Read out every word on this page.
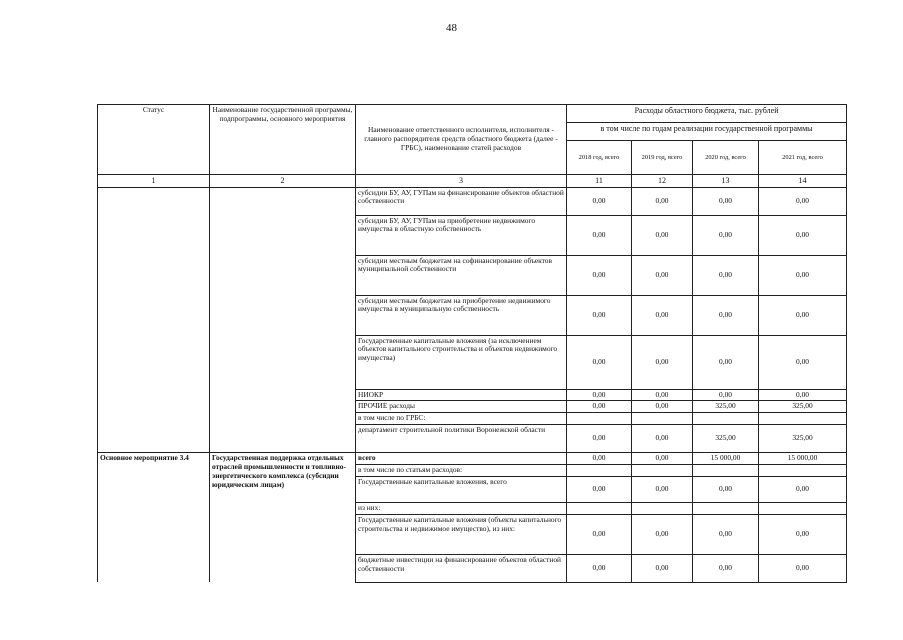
48
Статус	Наименование государственной программы, подпрограммы, основного мероприятия	Наименование ответственного исполнителя, исполнителя - главного распорядителя средств областного бюджета (далее - ГРБС), наименование статей расходов	Расходы областного бюджета, тыс. рублей			
			в том числе по годам реализации государственной программы			
			2018 год, всего	2019 год, всего	2020 год, всего	2021 год, всего
1	2	3	11	12	13	14
		субсидии БУ, АУ, ГУПам на финансирование объектов областной собственности	0,00	0,00	0,00	0,00
		субсидии БУ, АУ, ГУПам на приобретение недвижимого имущества в областную собственность	0,00	0,00	0,00	0,00
		субсидии местным бюджетам на софинансирование объектов муниципальной собственности	0,00	0,00	0,00	0,00
		субсидии местным бюджетам на приобретение недвижимого имущества в муниципальную собственность	0,00	0,00	0,00	0,00
		Государственные капитальные вложения (за исключением объектов капитального строительства и объектов недвижимого имущества)	0,00	0,00	0,00	0,00
		НИОКР	0,00	0,00	0,00	0,00
		ПРОЧИЕ расходы	0,00	0,00	325,00	325,00
		в том числе по ГРБС:				
		департамент строительной политики Воронежской области	0,00	0,00	325,00	325,00
Основное мероприятие 3.4	Государственная поддержка отдельных отраслей промышленности и топливно-энергетического комплекса (субсидии юридическим лицам)	всего	0,00	0,00	15 000,00	15 000,00
		в том числе по статьям расходов:				
		Государственные капитальные вложения, всего	0,00	0,00	0,00	0,00
		из них:				
		Государственные капитальные вложения (объекты капитального строительства и недвижимое имущество), из них:	0,00	0,00	0,00	0,00
		бюджетные инвестиции на финансирование объектов областной собственности	0,00	0,00	0,00	0,00
